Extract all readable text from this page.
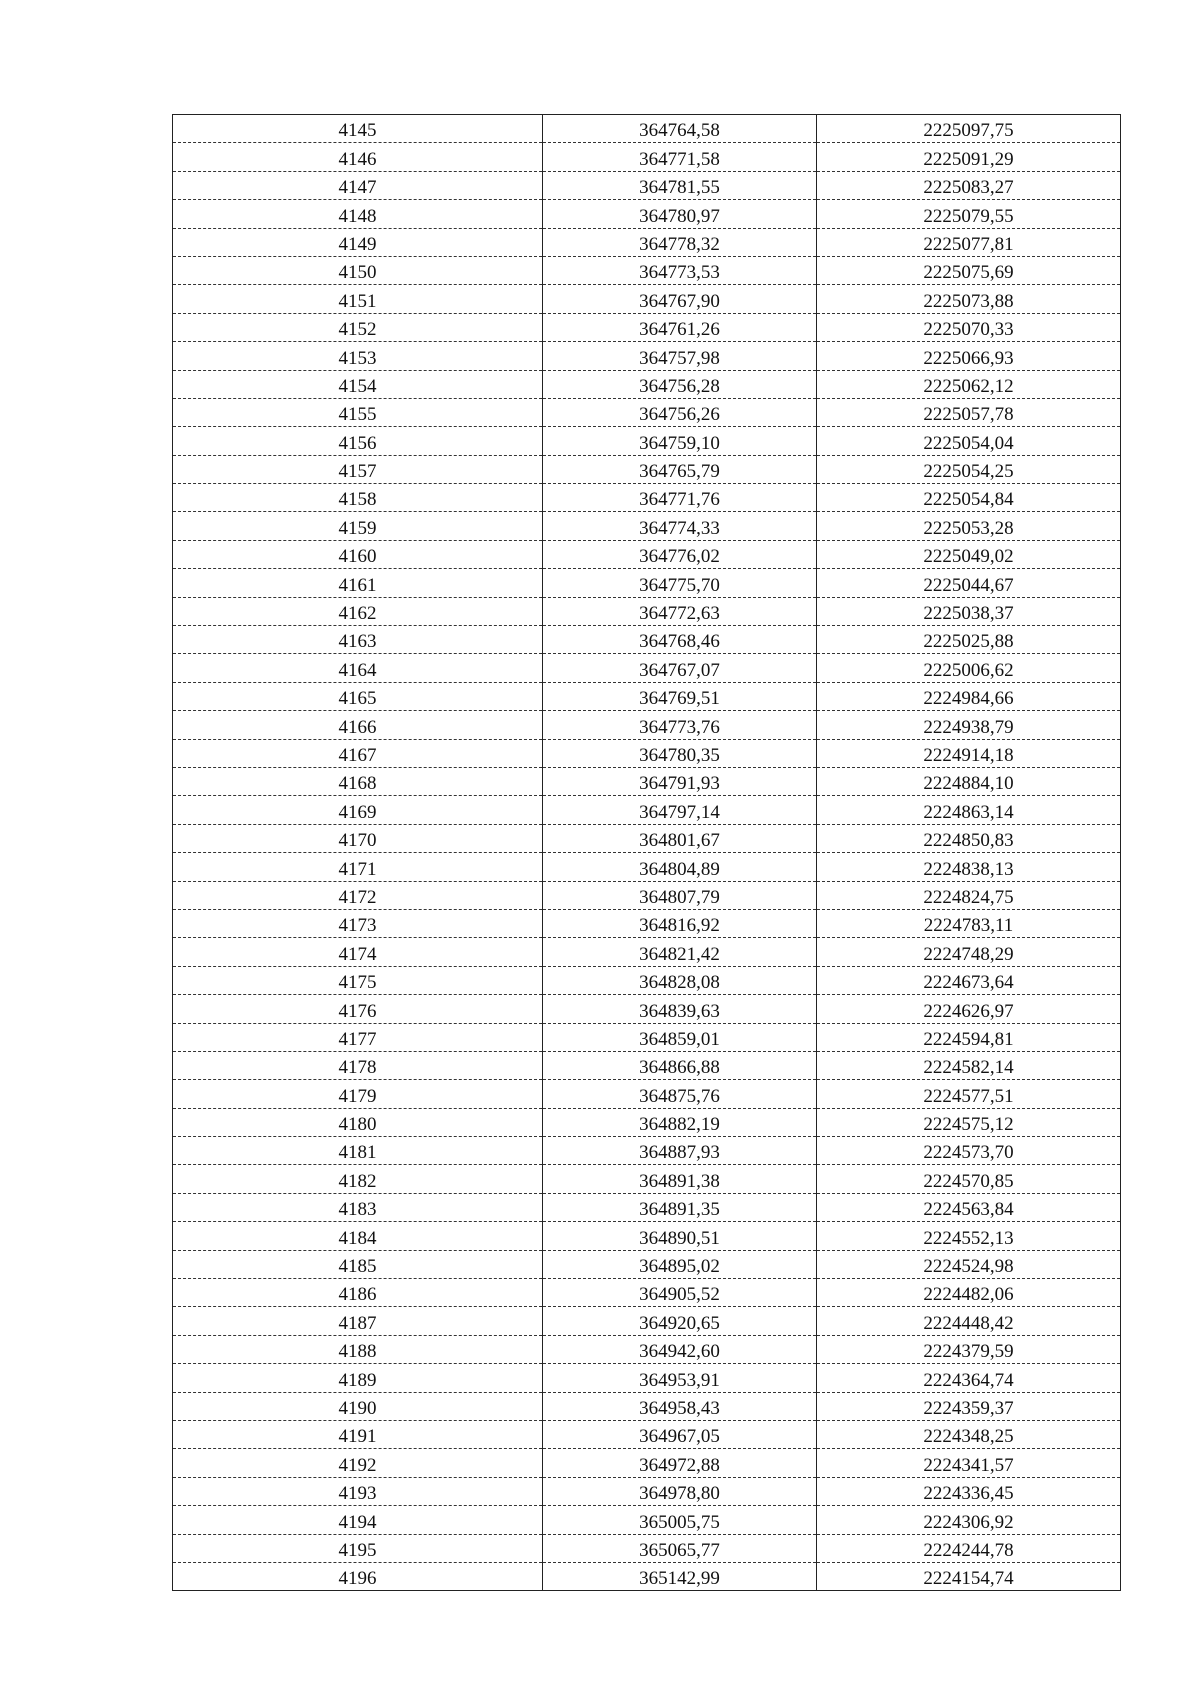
4145	364764,58	2225097,75
4146	364771,58	2225091,29
4147	364781,55	2225083,27
4148	364780,97	2225079,55
4149	364778,32	2225077,81
4150	364773,53	2225075,69
4151	364767,90	2225073,88
4152	364761,26	2225070,33
4153	364757,98	2225066,93
4154	364756,28	2225062,12
4155	364756,26	2225057,78
4156	364759,10	2225054,04
4157	364765,79	2225054,25
4158	364771,76	2225054,84
4159	364774,33	2225053,28
4160	364776,02	2225049,02
4161	364775,70	2225044,67
4162	364772,63	2225038,37
4163	364768,46	2225025,88
4164	364767,07	2225006,62
4165	364769,51	2224984,66
4166	364773,76	2224938,79
4167	364780,35	2224914,18
4168	364791,93	2224884,10
4169	364797,14	2224863,14
4170	364801,67	2224850,83
4171	364804,89	2224838,13
4172	364807,79	2224824,75
4173	364816,92	2224783,11
4174	364821,42	2224748,29
4175	364828,08	2224673,64
4176	364839,63	2224626,97
4177	364859,01	2224594,81
4178	364866,88	2224582,14
4179	364875,76	2224577,51
4180	364882,19	2224575,12
4181	364887,93	2224573,70
4182	364891,38	2224570,85
4183	364891,35	2224563,84
4184	364890,51	2224552,13
4185	364895,02	2224524,98
4186	364905,52	2224482,06
4187	364920,65	2224448,42
4188	364942,60	2224379,59
4189	364953,91	2224364,74
4190	364958,43	2224359,37
4191	364967,05	2224348,25
4192	364972,88	2224341,57
4193	364978,80	2224336,45
4194	365005,75	2224306,92
4195	365065,77	2224244,78
4196	365142,99	2224154,74
